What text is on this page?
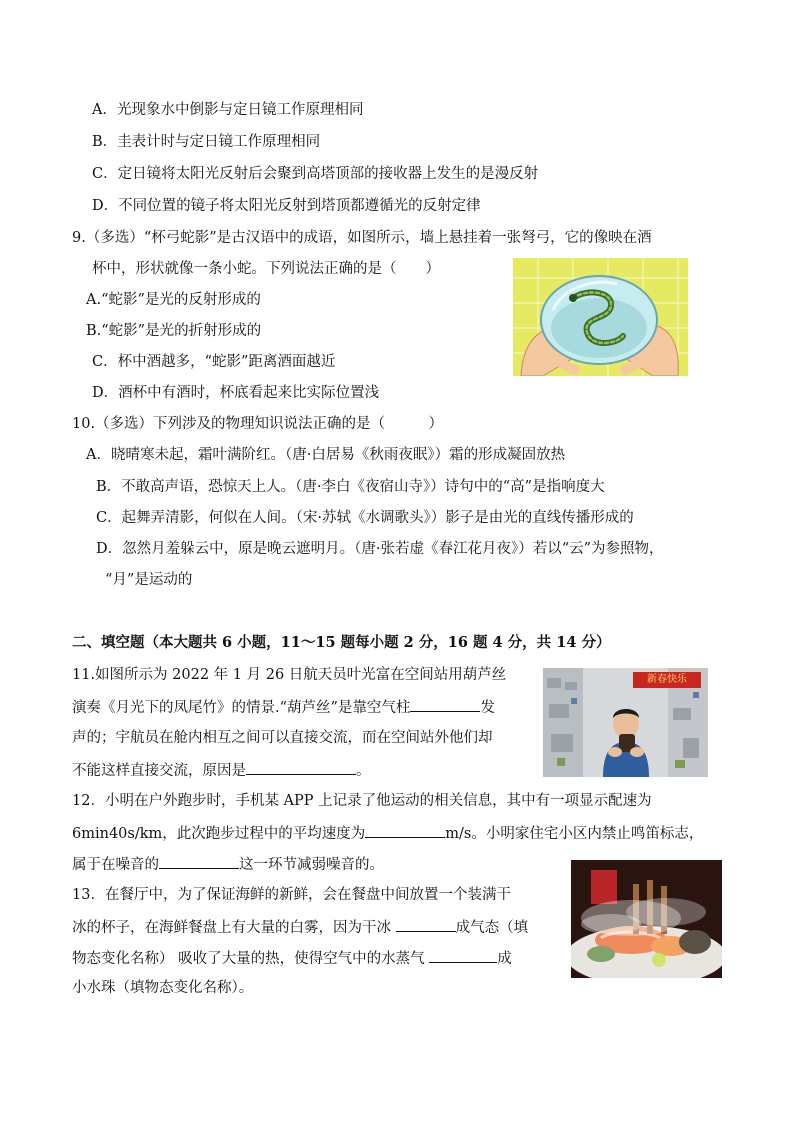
A．光现象水中倒影与定日镜工作原理相同
B．圭表计时与定日镜工作原理相同
C．定日镜将太阳光反射后会聚到高塔顶部的接收器上发生的是漫反射
D．不同位置的镜子将太阳光反射到塔顶都遵循光的反射定律
9.（多选）“杯弓蛇影”是古汉语中的成语，如图所示，墙上悬挂着一张弩弓，它的像映在酒
杯中，形状就像一条小蛇。下列说法正确的是（　　）
A.“蛇影”是光的反射形成的
B.“蛇影”是光的折射形成的
C．杯中酒越多，“蛇影”距离酒面越近
D．酒杯中有酒时，杯底看起来比实际位置浅
10.（多选）下列涉及的物理知识说法正确的是（　　　）
A．晓晴寒未起，霜叶满阶红。（唐·白居易《秋雨夜眠》）霜的形成凝固放热
B．不敢高声语，恐惊天上人。（唐·李白《夜宿山寺》）诗句中的“高”是指响度大
C．起舞弄清影，何似在人间。（宋·苏轼《水调歌头》）影子是由光的直线传播形成的
D．忽然月羞躲云中，原是晚云遮明月。（唐·张若虚《春江花月夜》）若以“云”为参照物，
“月”是运动的
二、填空题（本大题共 6 小题，11～15 题每小题 2 分，16 题 4 分，共 14 分）
11.如图所示为 2022 年 1 月 26 日航天员叶光富在空间站用葫芦丝
演奏《月光下的凤尾竹》的情景.“葫芦丝”是靠空气柱	发
声的；宇航员在舱内相互之间可以直接交流，而在空间站外他们却
不能这样直接交流，原因是	。
新春快乐
12．小明在户外跑步时，手机某 APP 上记录了他运动的相关信息，其中有一项显示配速为
6min40s/km，此次跑步过程中的平均速度为	m/s。小明家住宅小区内禁止鸣笛标志，
属于在噪音的	这一环节减弱噪音的。
13．在餐厅中，为了保证海鲜的新鲜，会在餐盘中间放置一个装满干
冰的杯子，在海鲜餐盘上有大量的白雾，因为干冰	成气态（填
物态变化名称） 吸收了大量的热，使得空气中的水蒸气	成
小水珠（填物态变化名称）。
